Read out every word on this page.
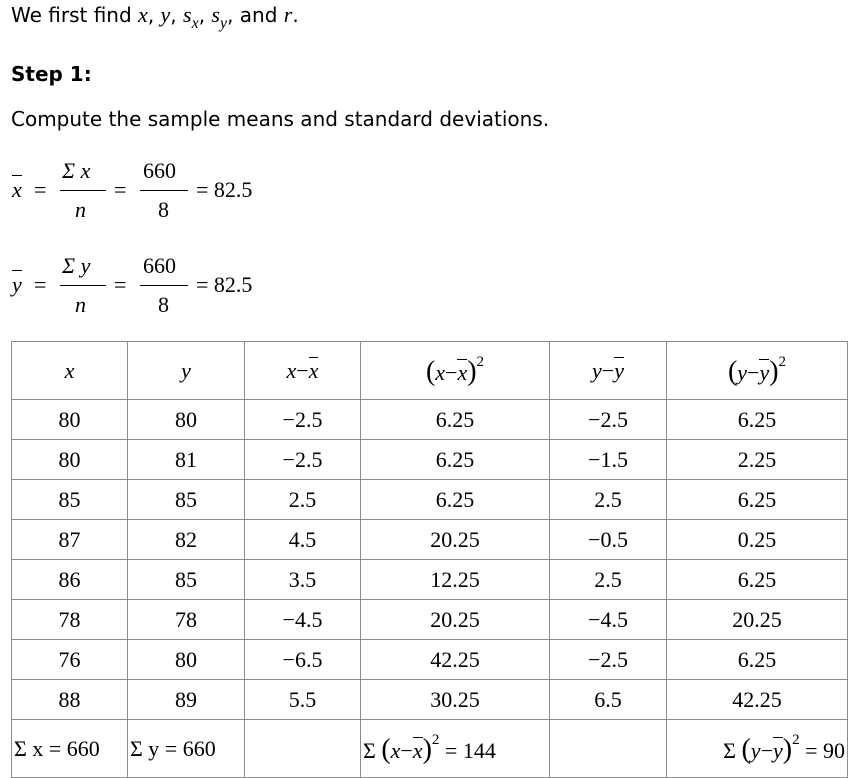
We first find x, y, $s_x$, $s_y$, and r.
Step 1:
Compute the sample means and standard deviations.
x =
Σ x
n
=
660
8
= 82.5
y =
Σ y
n
=
660
8
= 82.5
x	y	x−x	$(x-x)^2$	y−y	$(y-y)^2$
80	80	−2.5	6.25	−2.5	6.25
80	81	−2.5	6.25	−1.5	2.25
85	85	2.5	6.25	2.5	6.25
87	82	4.5	20.25	−0.5	0.25
86	85	3.5	12.25	2.5	6.25
78	78	−4.5	20.25	−4.5	20.25
76	80	−6.5	42.25	−2.5	6.25
88	89	5.5	30.25	6.5	42.25
Σ x = 660	Σ y = 660		Σ $(x-x)^2 = 144$		Σ $(y-y)^2 = 90$
